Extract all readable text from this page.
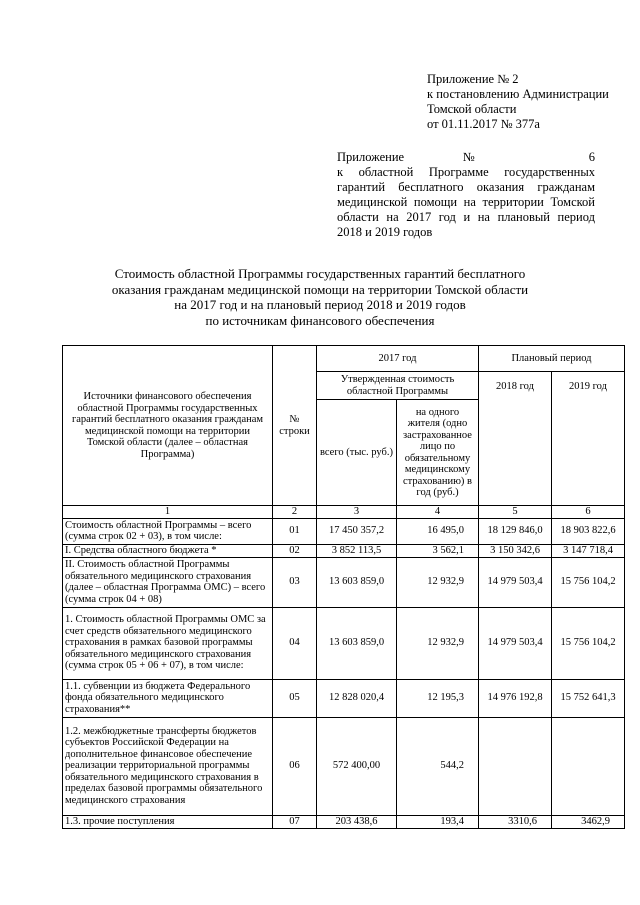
Приложение № 2
к постановлению Администрации
Томской области
от 01.11.2017 № 377а
Приложение № 6
к областной Программе государственных
гарантий бесплатного оказания гражданам
медицинской помощи на территории Томской
области на 2017 год и на плановый период
2018 и 2019 годов
Стоимость областной Программы государственных гарантий бесплатного
оказания гражданам медицинской помощи на территории Томской области
на 2017 год и на плановый период 2018 и 2019 годов
по источникам финансового обеспечения
Источники финансового обеспечения областной Программы государственных гарантий бесплатного оказания гражданам медицинской помощи на территории Томской области (далее – областная Программа)	№ строки	2017 год		Плановый период	
		Утвержденная стоимость областной Программы		2018 год	2019 год
		всего (тыс. руб.)	на одного жителя (одно застрахованное лицо по обязательному медицинскому страхованию) в год (руб.)		
1	2	3	4	5	6
Стоимость областной Программы – всего (сумма строк 02 + 03), в том числе:	01	17 450 357,2	16 495,0	18 129 846,0	18 903 822,6
I. Средства областного бюджета *	02	3 852 113,5	3 562,1	3 150 342,6	3 147 718,4
II. Стоимость областной Программы обязательного медицинского страхования (далее – областная Программа ОМС) – всего (сумма строк 04 + 08)	03	13 603 859,0	12 932,9	14 979 503,4	15 756 104,2
1. Стоимость областной Программы ОМС за счет средств обязательного медицинского страхования в рамках базовой программы обязательного медицинского страхования (сумма строк 05 + 06 + 07), в том числе:	04	13 603 859,0	12 932,9	14 979 503,4	15 756 104,2
1.1. субвенции из бюджета Федерального фонда обязательного медицинского страхования**	05	12 828 020,4	12 195,3	14 976 192,8	15 752 641,3
1.2. межбюджетные трансферты бюджетов субъектов Российской Федерации на дополнительное финансовое обеспечение реализации территориальной программы обязательного медицинского страхования в пределах базовой программы обязательного медицинского страхования	06	572 400,00	544,2		
1.3. прочие поступления	07	203 438,6	193,4	3310,6	3462,9
